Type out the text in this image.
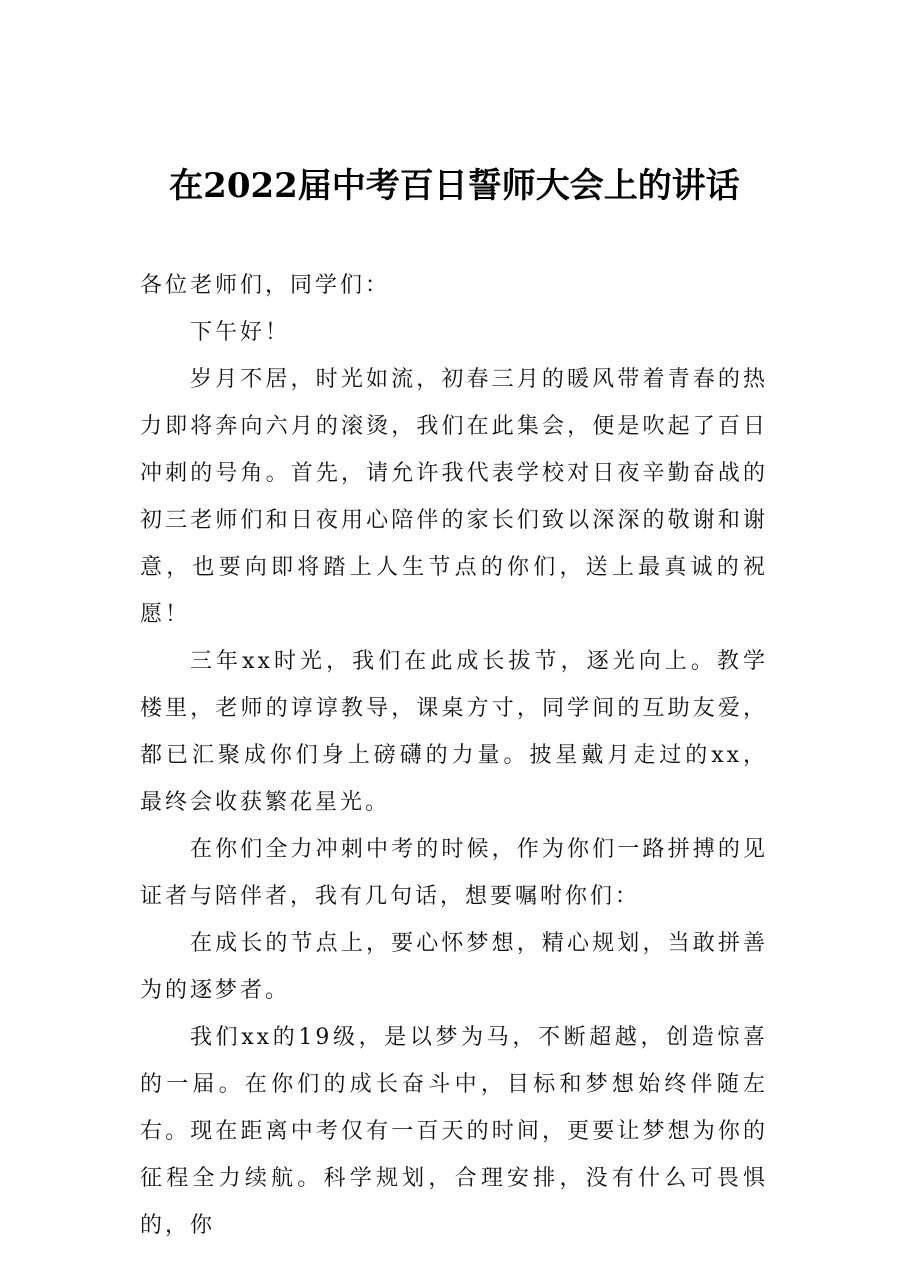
在2022届中考百日誓师大会上的讲话

各位老师们，同学们：

下午好！

岁月不居，时光如流，初春三月的暖风带着青春的热力即将奔向六月的滚烫，我们在此集会，便是吹起了百日冲刺的号角。首先，请允许我代表学校对日夜辛勤奋战的初三老师们和日夜用心陪伴的家长们致以深深的敬谢和谢意，也要向即将踏上人生节点的你们，送上最真诚的祝愿！

三年xx时光，我们在此成长拔节，逐光向上。教学楼里，老师的谆谆教导，课桌方寸，同学间的互助友爱，都已汇聚成你们身上磅礴的力量。披星戴月走过的xx，最终会收获繁花星光。

在你们全力冲刺中考的时候，作为你们一路拼搏的见证者与陪伴者，我有几句话，想要嘱咐你们：

在成长的节点上，要心怀梦想，精心规划，当敢拼善为的逐梦者。

我们xx的19级，是以梦为马，不断超越，创造惊喜的一届。在你们的成长奋斗中，目标和梦想始终伴随左右。现在距离中考仅有一百天的时间，更要让梦想为你的征程全力续航。科学规划，合理安排，没有什么可畏惧的，你
